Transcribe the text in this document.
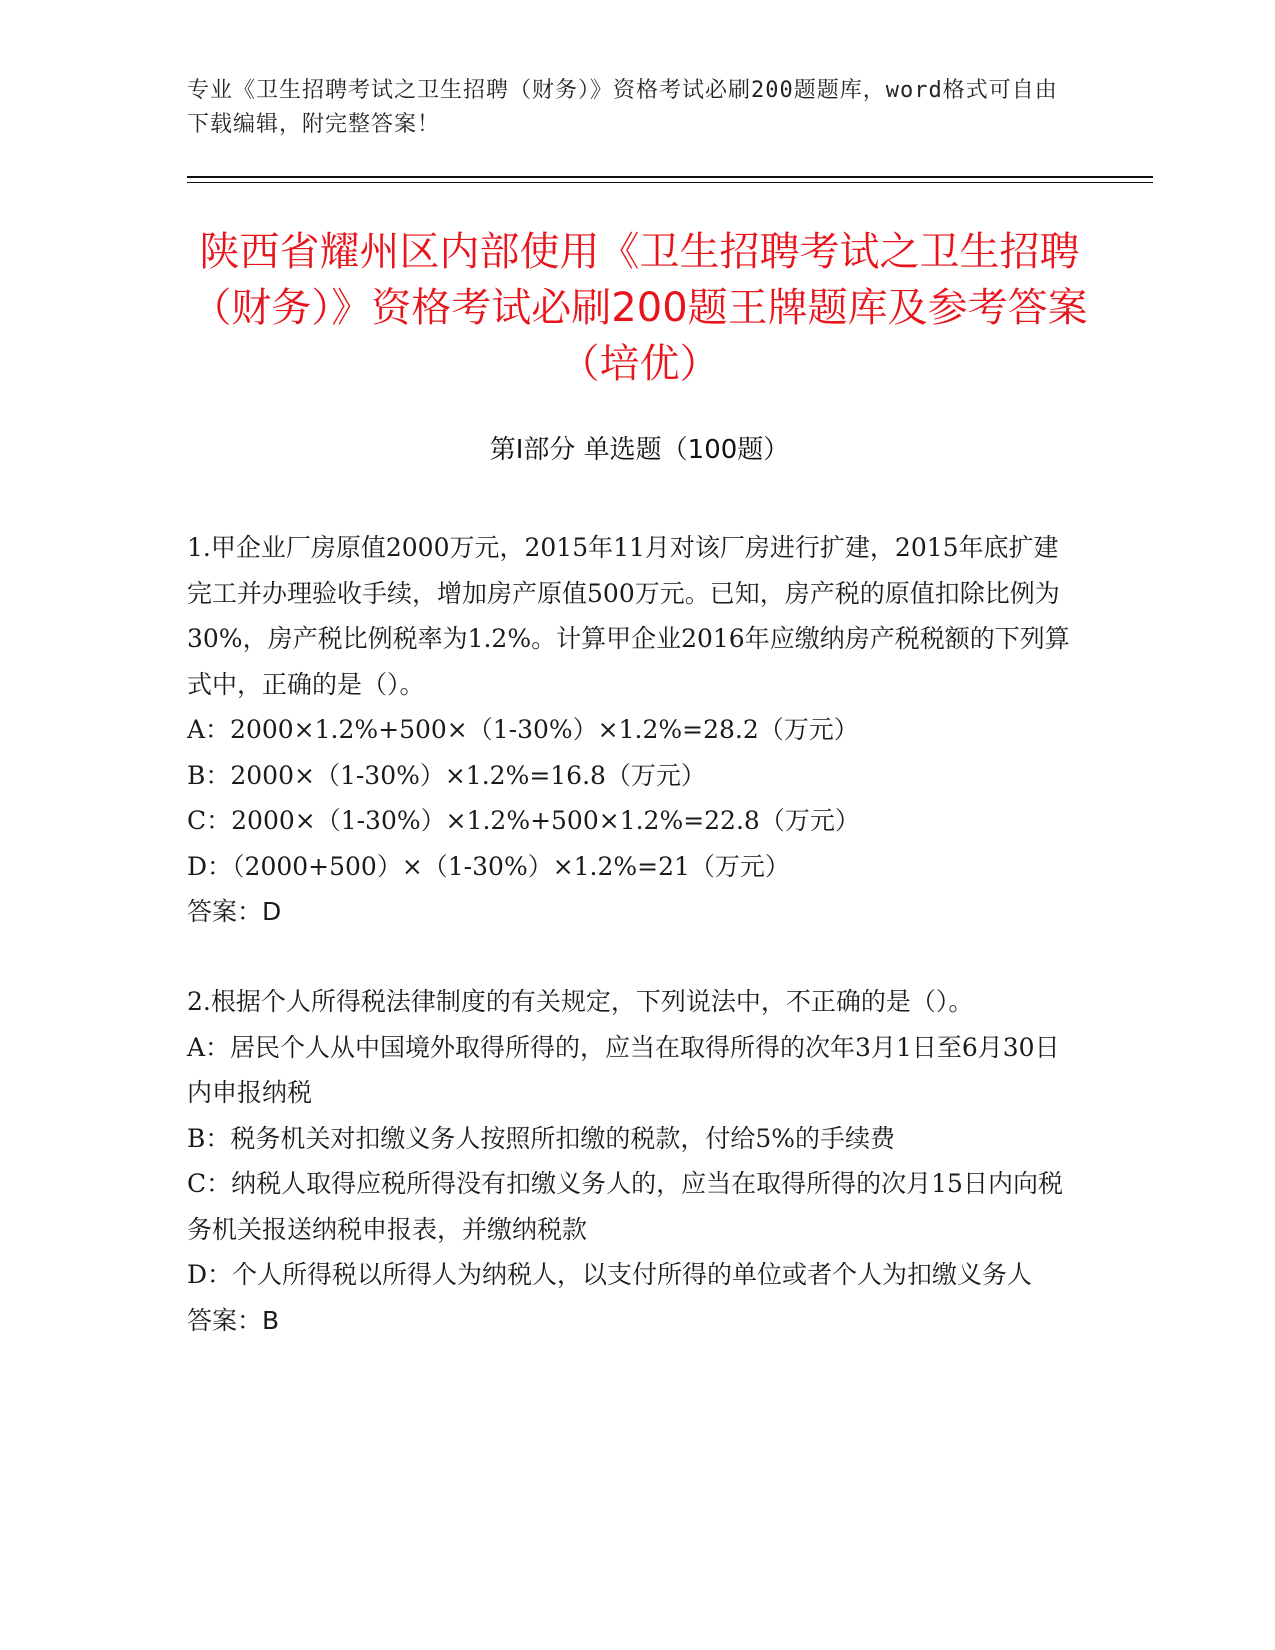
专业《卫生招聘考试之卫生招聘（财务）》资格考试必刷200题题库，word格式可自由下载编辑，附完整答案！
陕西省耀州区内部使用《卫生招聘考试之卫生招聘（财务）》资格考试必刷200题王牌题库及参考答案（培优）
第I部分 单选题（100题）
1.甲企业厂房原值2000万元，2015年11月对该厂房进行扩建，2015年底扩建完工并办理验收手续，增加房产原值500万元。已知，房产税的原值扣除比例为30%，房产税比例税率为1.2%。计算甲企业2016年应缴纳房产税税额的下列算式中，正确的是（）。
A：2000×1.2%+500×（1-30%）×1.2%=28.2（万元）
B：2000×（1-30%）×1.2%=16.8（万元）
C：2000×（1-30%）×1.2%+500×1.2%=22.8（万元）
D：（2000+500）×（1-30%）×1.2%=21（万元）
答案：D
2.根据个人所得税法律制度的有关规定，下列说法中，不正确的是（）。
A：居民个人从中国境外取得所得的，应当在取得所得的次年3月1日至6月30日内申报纳税
B：税务机关对扣缴义务人按照所扣缴的税款，付给5%的手续费
C：纳税人取得应税所得没有扣缴义务人的，应当在取得所得的次月15日内向税务机关报送纳税申报表，并缴纳税款
D：个人所得税以所得人为纳税人，以支付所得的单位或者个人为扣缴义务人
答案：B
